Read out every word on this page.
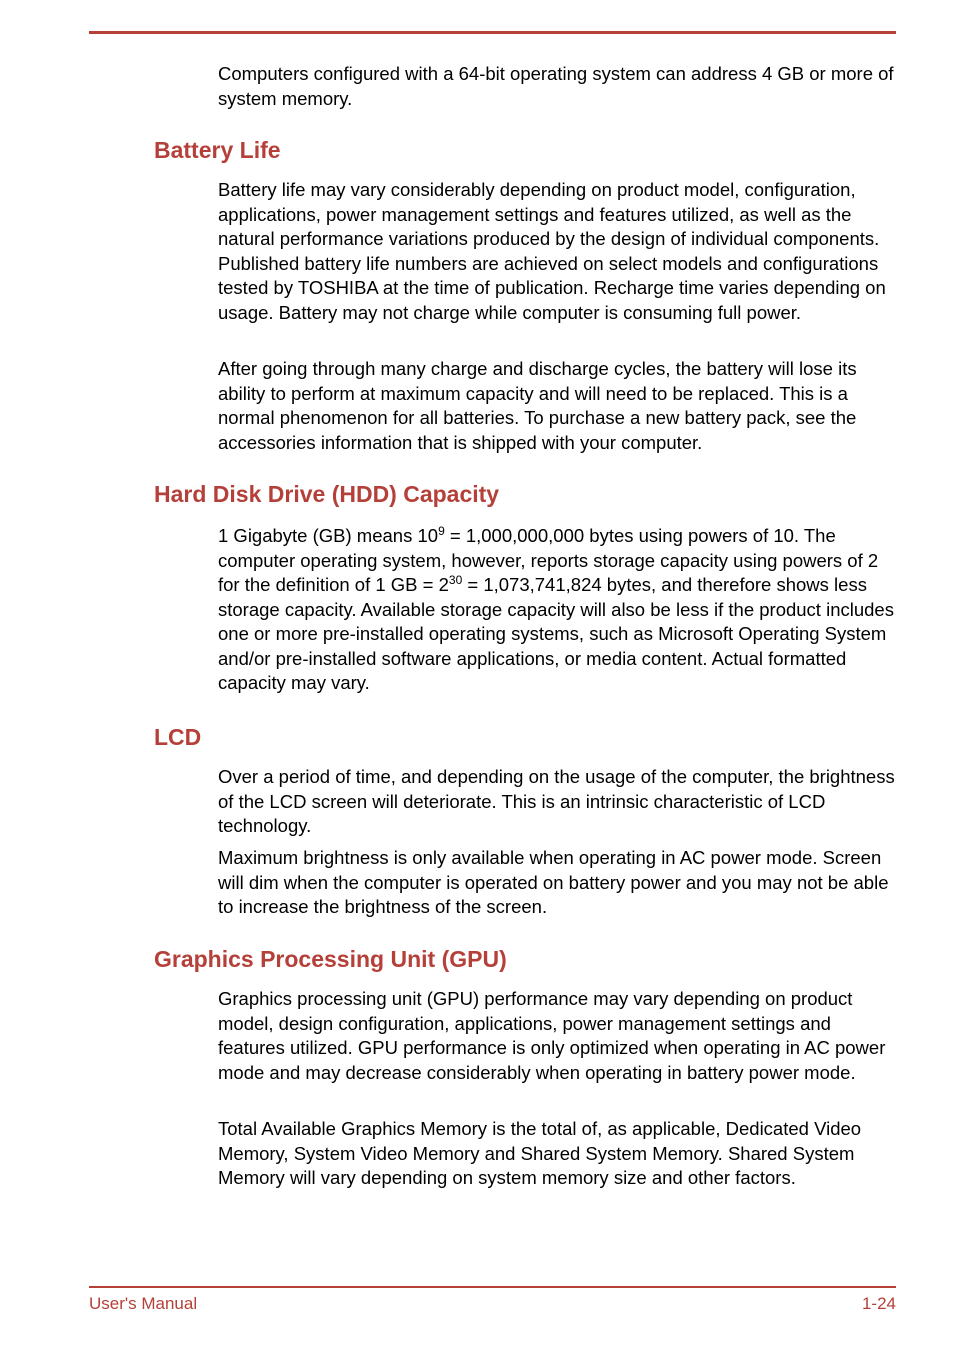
Computers configured with a 64-bit operating system can address 4 GB or more of system memory.

Battery Life

Battery life may vary considerably depending on product model, configuration, applications, power management settings and features utilized, as well as the natural performance variations produced by the design of individual components. Published battery life numbers are achieved on select models and configurations tested by TOSHIBA at the time of publication. Recharge time varies depending on usage. Battery may not charge while computer is consuming full power.

After going through many charge and discharge cycles, the battery will lose its ability to perform at maximum capacity and will need to be replaced. This is a normal phenomenon for all batteries. To purchase a new battery pack, see the accessories information that is shipped with your computer.

Hard Disk Drive (HDD) Capacity

1 Gigabyte (GB) means $10^9 = 1,000,000,000$ bytes using powers of 10. The computer operating system, however, reports storage capacity using powers of 2 for the definition of 1 GB = $2^{30} = 1,073,741,824$ bytes, and therefore shows less storage capacity. Available storage capacity will also be less if the product includes one or more pre-installed operating systems, such as Microsoft Operating System and/or pre-installed software applications, or media content. Actual formatted capacity may vary.

LCD

Over a period of time, and depending on the usage of the computer, the brightness of the LCD screen will deteriorate. This is an intrinsic characteristic of LCD technology.

Maximum brightness is only available when operating in AC power mode. Screen will dim when the computer is operated on battery power and you may not be able to increase the brightness of the screen.

Graphics Processing Unit (GPU)

Graphics processing unit (GPU) performance may vary depending on product model, design configuration, applications, power management settings and features utilized. GPU performance is only optimized when operating in AC power mode and may decrease considerably when operating in battery power mode.

Total Available Graphics Memory is the total of, as applicable, Dedicated Video Memory, System Video Memory and Shared System Memory. Shared System Memory will vary depending on system memory size and other factors.

User's Manual	1-24
